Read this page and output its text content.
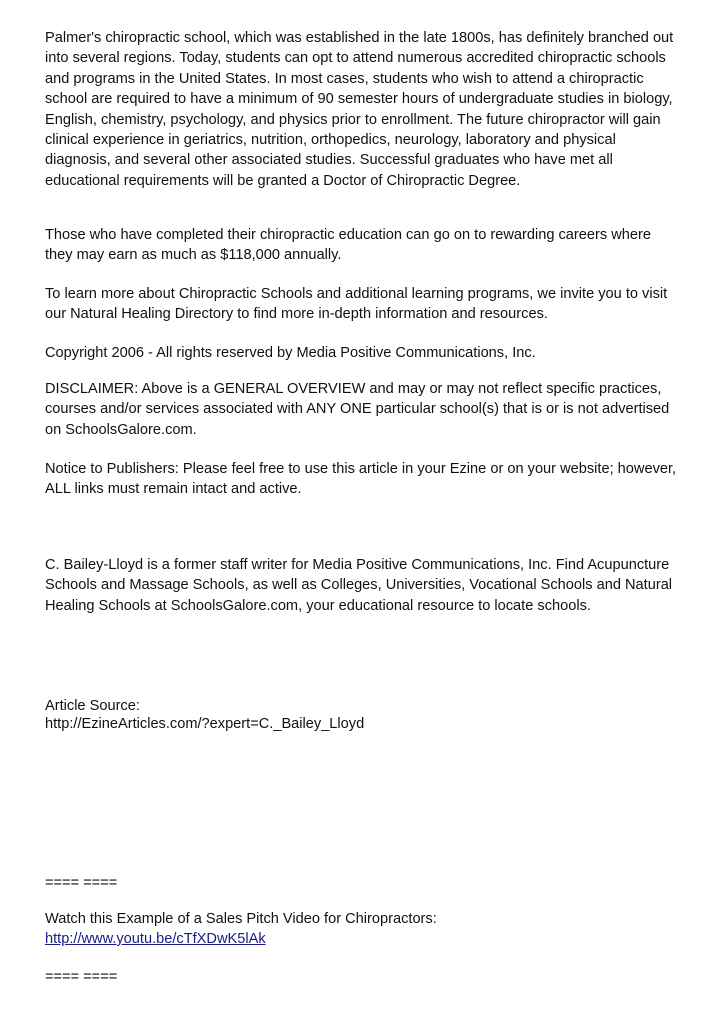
Palmer's chiropractic school, which was established in the late 1800s, has definitely branched out
into several regions. Today, students can opt to attend numerous accredited chiropractic schools
and programs in the United States. In most cases, students who wish to attend a chiropractic
school are required to have a minimum of 90 semester hours of undergraduate studies in biology,
English, chemistry, psychology, and physics prior to enrollment. The future chiropractor will gain
clinical experience in geriatrics, nutrition, orthopedics, neurology, laboratory and physical
diagnosis, and several other associated studies. Successful graduates who have met all
educational requirements will be granted a Doctor of Chiropractic Degree.

Those who have completed their chiropractic education can go on to rewarding careers where
they may earn as much as $118,000 annually.

To learn more about Chiropractic Schools and additional learning programs, we invite you to visit
our Natural Healing Directory to find more in-depth information and resources.

Copyright 2006 - All rights reserved by Media Positive Communications, Inc.

DISCLAIMER: Above is a GENERAL OVERVIEW and may or may not reflect specific practices,
courses and/or services associated with ANY ONE particular school(s) that is or is not advertised
on SchoolsGalore.com.

Notice to Publishers: Please feel free to use this article in your Ezine or on your website; however,
ALL links must remain intact and active.

C. Bailey-Lloyd is a former staff writer for Media Positive Communications, Inc. Find Acupuncture
Schools and Massage Schools, as well as Colleges, Universities, Vocational Schools and Natural
Healing Schools at SchoolsGalore.com, your educational resource to locate schools.

Article Source:

http://EzineArticles.com/?expert=C._Bailey_Lloyd

==== ====

Watch this Example of a Sales Pitch Video for Chiropractors:

http://www.youtu.be/cTfXDwK5lAk

==== ====
